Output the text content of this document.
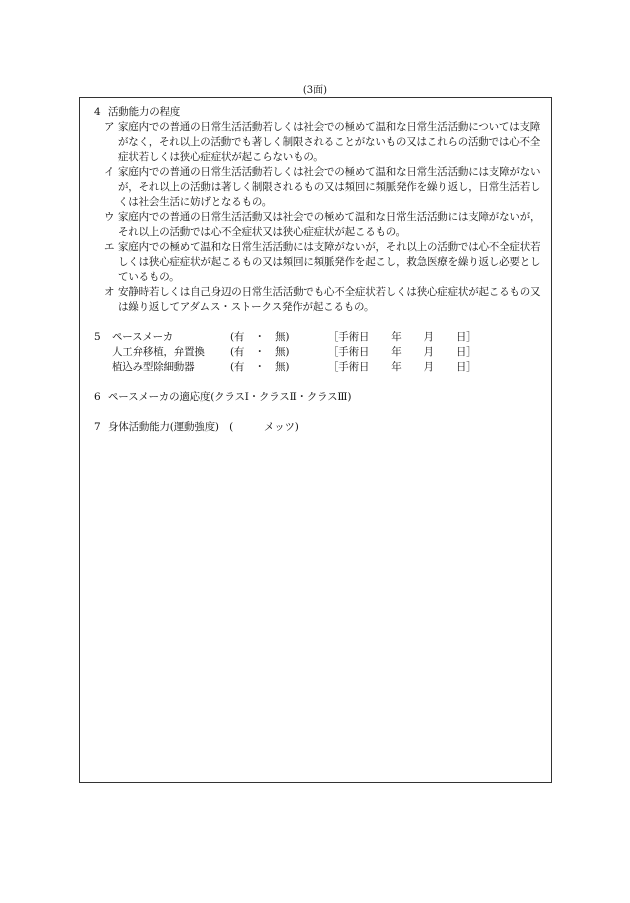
(3面)
4 活動能力の程度
ア 家庭内での普通の日常生活活動若しくは社会での極めて温和な日常生活活動については支障がなく，それ以上の活動でも著しく制限されることがないもの又はこれらの活動では心不全症状若しくは狭心症症状が起こらないもの。
イ 家庭内での普通の日常生活活動若しくは社会での極めて温和な日常生活活動には支障がないが，それ以上の活動は著しく制限されるもの又は頻回に頻脈発作を繰り返し，日常生活若しくは社会生活に妨げとなるもの。
ウ 家庭内での普通の日常生活活動又は社会での極めて温和な日常生活活動には支障がないが，それ以上の活動では心不全症状又は狭心症症状が起こるもの。
エ 家庭内での極めて温和な日常生活活動には支障がないが，それ以上の活動では心不全症状若しくは狭心症症状が起こるもの又は頻回に頻脈発作を起こし，救急医療を繰り返し必要としているもの。
オ 安静時若しくは自己身辺の日常生活活動でも心不全症状若しくは狭心症症状が起こるもの又は繰り返してアダムス・ストークス発作が起こるもの。
5	ペースメーカ	(有　・　無)	［手術日 年 月 日］
	人工弁移植，弁置換	(有　・　無)	［手術日 年 月 日］
	植込み型除細動器	(有　・　無)	［手術日 年 月 日］
6 ペースメーカの適応度(クラスⅠ・クラスⅡ・クラスⅢ)
7 身体活動能力(運動強度)　(　　　メッツ)
